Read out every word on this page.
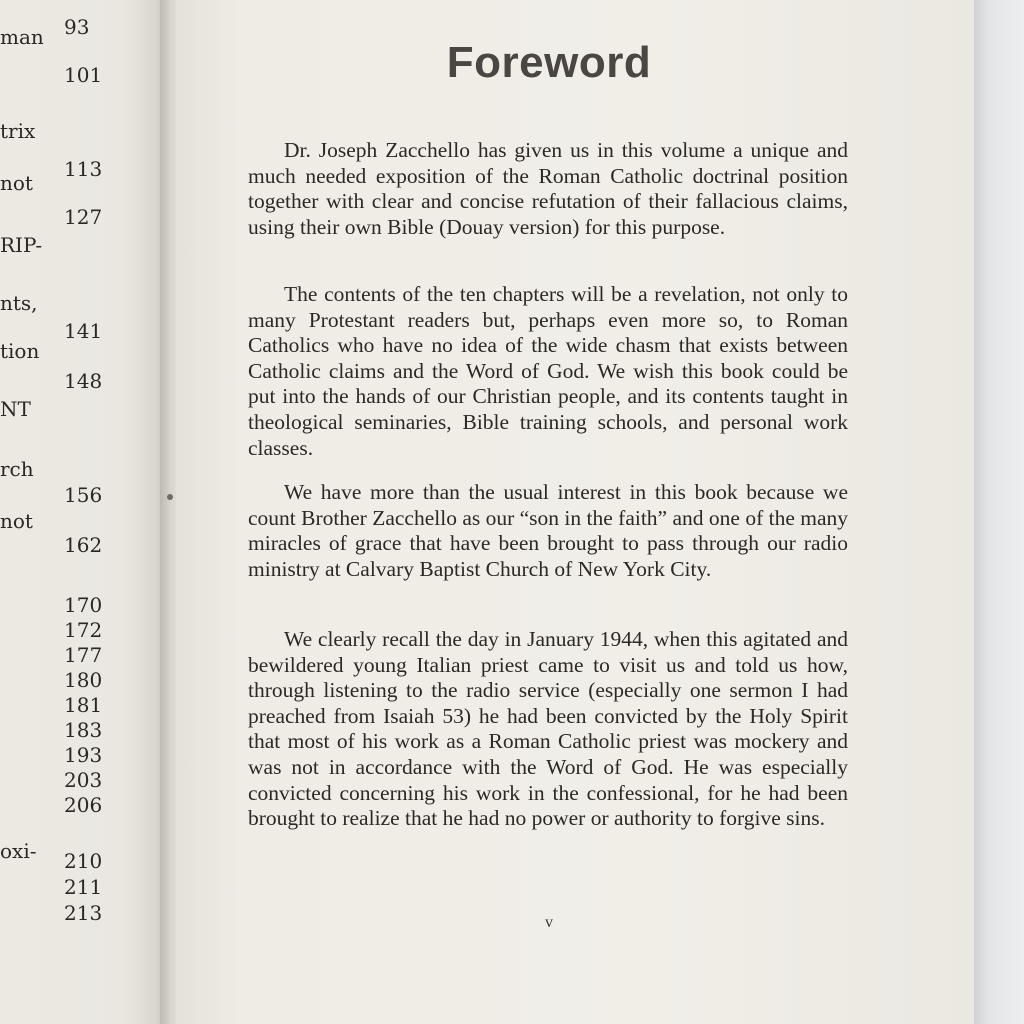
man 93
101
trix
113
not
127
RIP-
nts,
141
tion
148
NT
rch
156
not
162
170
172
177
180
181
183
193
203
206
oxi- 210
211
213
Foreword

Dr. Joseph Zacchello has given us in this volume a unique and much needed exposition of the Roman Catholic doctrinal position together with clear and concise refutation of their fallacious claims, using their own Bible (Douay version) for this purpose.

The contents of the ten chapters will be a revelation, not only to many Protestant readers but, perhaps even more so, to Roman Catholics who have no idea of the wide chasm that exists between Catholic claims and the Word of God. We wish this book could be put into the hands of our Christian people, and its contents taught in theological seminaries, Bible training schools, and personal work classes.

We have more than the usual interest in this book because we count Brother Zacchello as our “son in the faith” and one of the many miracles of grace that have been brought to pass through our radio ministry at Calvary Baptist Church of New York City.

We clearly recall the day in January 1944, when this agitated and bewildered young Italian priest came to visit us and told us how, through listening to the radio service (especially one sermon I had preached from Isaiah 53) he had been convicted by the Holy Spirit that most of his work as a Roman Catholic priest was mockery and was not in accordance with the Word of God. He was especially convicted concerning his work in the confessional, for he had been brought to realize that he had no power or authority to forgive sins.

v
